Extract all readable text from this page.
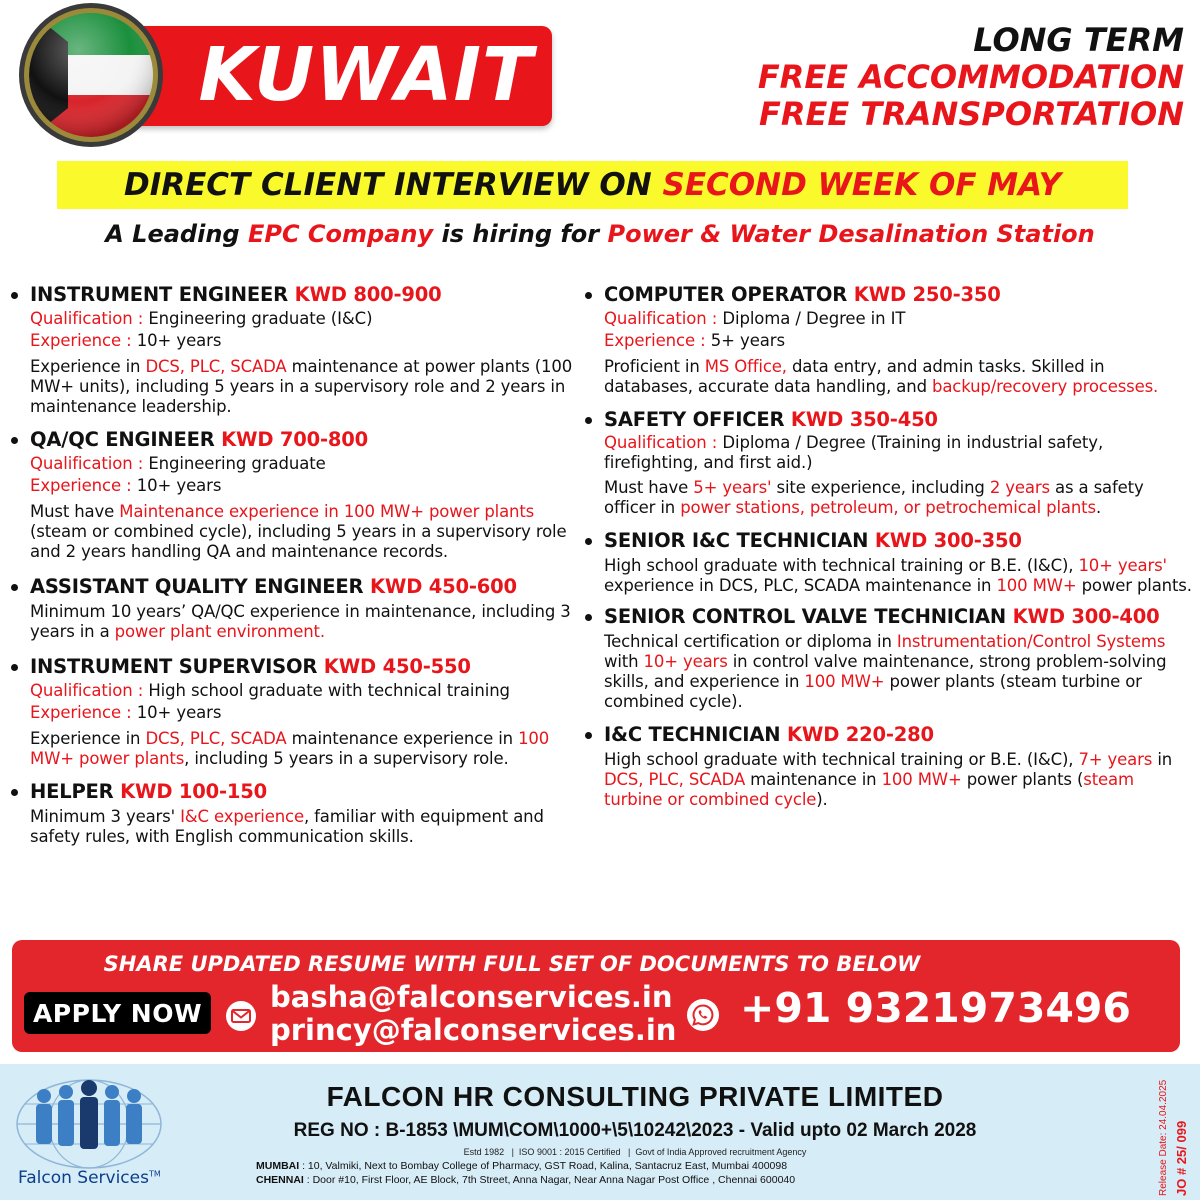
KUWAIT	LONG TERM
FREE ACCOMMODATION
FREE TRANSPORTATION
DIRECT CLIENT INTERVIEW ON SECOND WEEK OF MAY
A Leading EPC Company is hiring for Power & Water Desalination Station
INSTRUMENT ENGINEER KWD 800-900
Qualification : Engineering graduate (I&C)
Experience : 10+ years
Experience in DCS, PLC, SCADA maintenance at power plants (100 MW+ units), including 5 years in a supervisory role and 2 years in maintenance leadership.
QA/QC ENGINEER KWD 700-800
Qualification : Engineering graduate
Experience : 10+ years
Must have Maintenance experience in 100 MW+ power plants (steam or combined cycle), including 5 years in a supervisory role and 2 years handling QA and maintenance records.
ASSISTANT QUALITY ENGINEER KWD 450-600
Minimum 10 years’ QA/QC experience in maintenance, including 3 years in a power plant environment.
INSTRUMENT SUPERVISOR KWD 450-550
Qualification : High school graduate with technical training
Experience : 10+ years
Experience in DCS, PLC, SCADA maintenance experience in 100 MW+ power plants, including 5 years in a supervisory role.
HELPER KWD 100-150
Minimum 3 years' I&C experience, familiar with equipment and safety rules, with English communication skills.
COMPUTER OPERATOR KWD 250-350
Qualification : Diploma / Degree in IT
Experience : 5+ years
Proficient in MS Office, data entry, and admin tasks. Skilled in databases, accurate data handling, and backup/recovery processes.
SAFETY OFFICER KWD 350-450
Qualification : Diploma / Degree (Training in industrial safety, firefighting, and first aid.)
Must have 5+ years' site experience, including 2 years as a safety officer in power stations, petroleum, or petrochemical plants.
SENIOR I&C TECHNICIAN KWD 300-350
High school graduate with technical training or B.E. (I&C), 10+ years' experience in DCS, PLC, SCADA maintenance in 100 MW+ power plants.
SENIOR CONTROL VALVE TECHNICIAN KWD 300-400
Technical certification or diploma in Instrumentation/Control Systems with 10+ years in control valve maintenance, strong problem-solving skills, and experience in 100 MW+ power plants (steam turbine or combined cycle).
I&C TECHNICIAN KWD 220-280
High school graduate with technical training or B.E. (I&C), 7+ years in DCS, PLC, SCADA maintenance in 100 MW+ power plants (steam turbine or combined cycle).
SHARE UPDATED RESUME WITH FULL SET OF DOCUMENTS TO BELOW
APPLY NOW	basha@falconservices.in
princy@falconservices.in +91 9321973496
Falcon Services™
FALCON HR CONSULTING PRIVATE LIMITED
REG NO : B-1853 \MUM\COM\1000+\5\10242\2023 - Valid upto 02 March 2028
Estd 1982   |  ISO 9001 : 2015 Certified   |  Govt of India Approved recruitment Agency
MUMBAI : 10, Valmiki, Next to Bombay College of Pharmacy, GST Road, Kalina, Santacruz East, Mumbai 400098
CHENNAI : Door #10, First Floor, AE Block, 7th Street, Anna Nagar, Near Anna Nagar Post Office , Chennai 600040	Release Date: 24.04.2025 JO # 25/ 099
